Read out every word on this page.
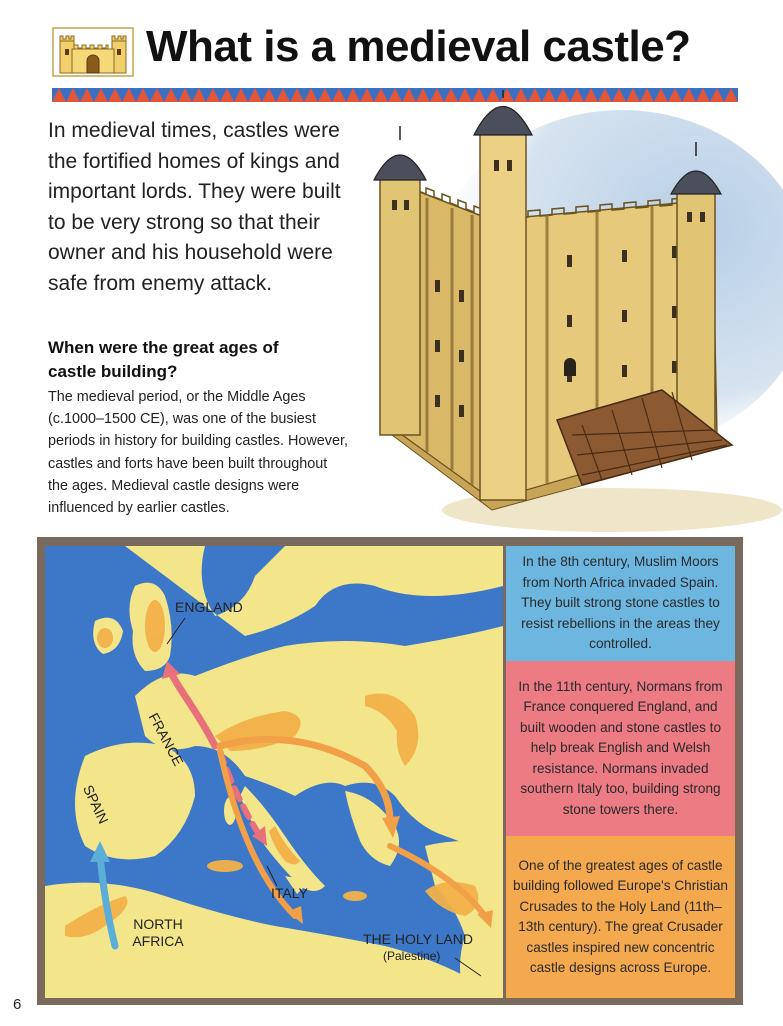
What is a medieval castle?

In medieval times, castles were the fortified homes of kings and important lords. They were built to be very strong so that their owner and his household were safe from enemy attack.

When were the great ages of castle building?

The medieval period, or the Middle Ages (c.1000–1500 CE), was one of the busiest periods in history for building castles. However, castles and forts have been built throughout the ages. Medieval castle designs were influenced by earlier castles.

ENGLAND
FRANCE
SPAIN
ITALY
NORTH AFRICA	THE HOLY LAND
(Palestine)
In the 8th century, Muslim Moors from North Africa invaded Spain. They built strong stone castles to resist rebellions in the areas they controlled.
In the 11th century, Normans from France conquered England, and built wooden and stone castles to help break English and Welsh resistance. Normans invaded southern Italy too, building strong stone towers there.
One of the greatest ages of castle building followed Europe's Christian Crusades to the Holy Land (11th–13th century). The great Crusader castles inspired new concentric castle designs across Europe.
6
